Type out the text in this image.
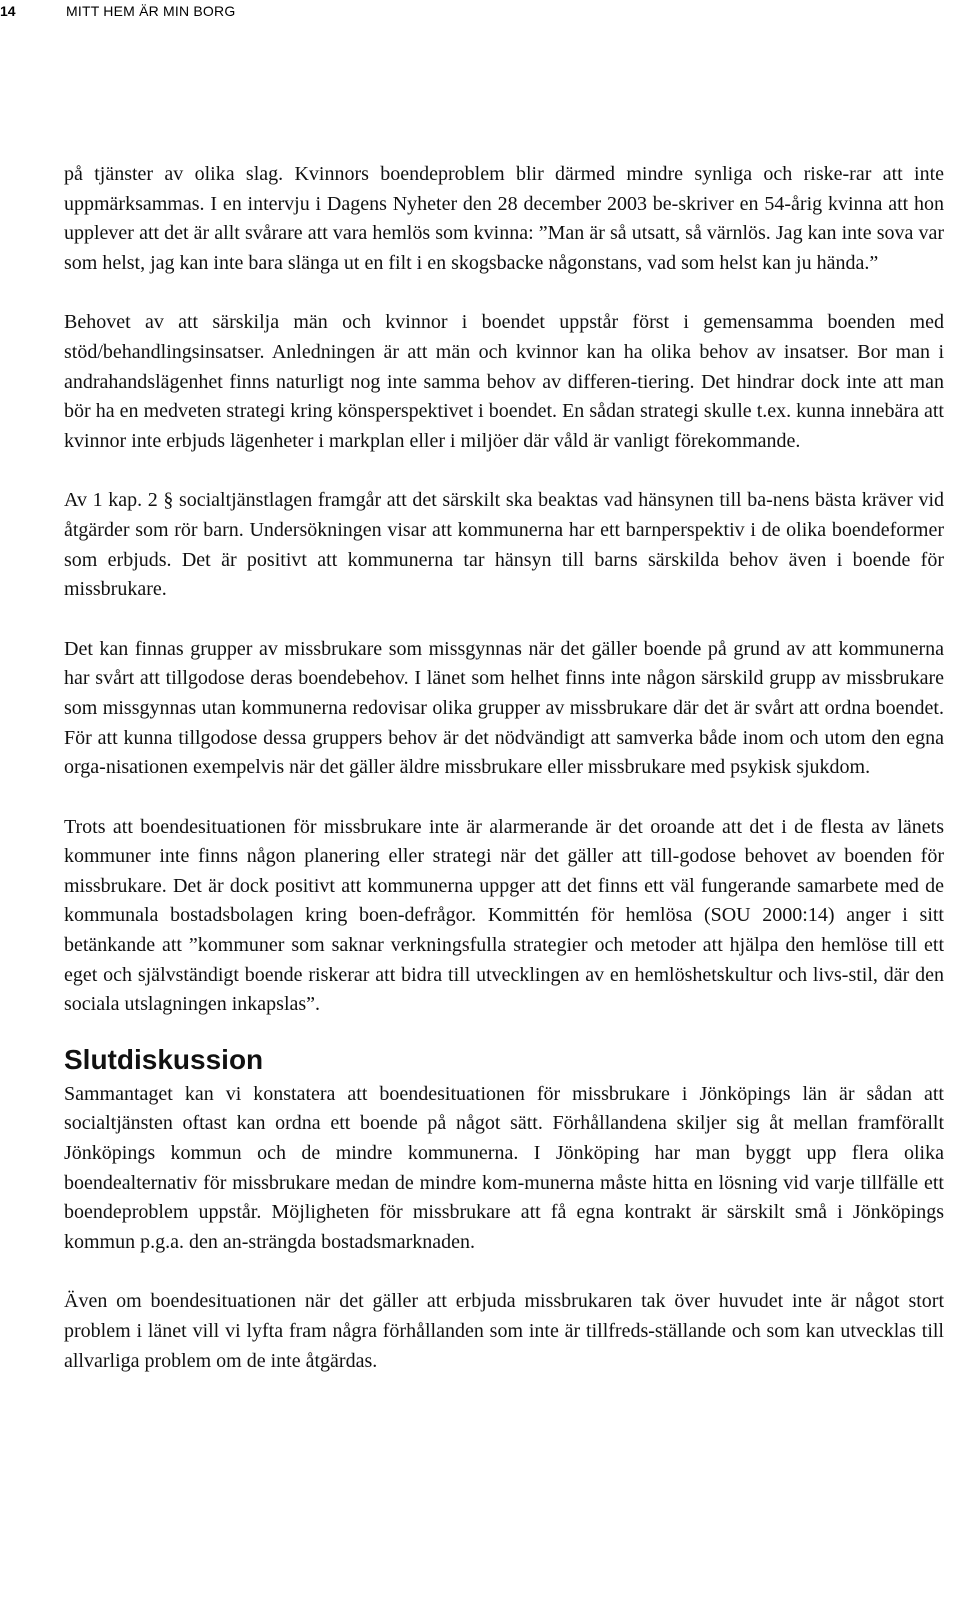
14	MITT HEM ÄR MIN BORG

på tjänster av olika slag. Kvinnors boendeproblem blir därmed mindre synliga och riske-rar att inte uppmärksammas. I en intervju i Dagens Nyheter den 28 december 2003 be-skriver en 54-årig kvinna att hon upplever att det är allt svårare att vara hemlös som kvinna: ”Man är så utsatt, så värnlös. Jag kan inte sova var som helst, jag kan inte bara slänga ut en filt i en skogsbacke någonstans, vad som helst kan ju hända.”

Behovet av att särskilja män och kvinnor i boendet uppstår först i gemensamma boenden med stöd/behandlingsinsatser. Anledningen är att män och kvinnor kan ha olika behov av insatser. Bor man i andrahandslägenhet finns naturligt nog inte samma behov av differen-tiering. Det hindrar dock inte att man bör ha en medveten strategi kring könsperspektivet i boendet. En sådan strategi skulle t.ex. kunna innebära att kvinnor inte erbjuds lägenheter i markplan eller i miljöer där våld är vanligt förekommande.

Av 1 kap. 2 § socialtjänstlagen framgår att det särskilt ska beaktas vad hänsynen till ba-nens bästa kräver vid åtgärder som rör barn. Undersökningen visar att kommunerna har ett barnperspektiv i de olika boendeformer som erbjuds. Det är positivt att kommunerna tar hänsyn till barns särskilda behov även i boende för missbrukare.

Det kan finnas grupper av missbrukare som missgynnas när det gäller boende på grund av att kommunerna har svårt att tillgodose deras boendebehov. I länet som helhet finns inte någon särskild grupp av missbrukare som missgynnas utan kommunerna redovisar olika grupper av missbrukare där det är svårt att ordna boendet. För att kunna tillgodose dessa gruppers behov är det nödvändigt att samverka både inom och utom den egna orga-nisationen exempelvis när det gäller äldre missbrukare eller missbrukare med psykisk sjukdom.

Trots att boendesituationen för missbrukare inte är alarmerande är det oroande att det i de flesta av länets kommuner inte finns någon planering eller strategi när det gäller att till-godose behovet av boenden för missbrukare. Det är dock positivt att kommunerna uppger att det finns ett väl fungerande samarbete med de kommunala bostadsbolagen kring boen-defrågor. Kommittén för hemlösa (SOU 2000:14) anger i sitt betänkande att ”kommuner som saknar verkningsfulla strategier och metoder att hjälpa den hemlöse till ett eget och självständigt boende riskerar att bidra till utvecklingen av en hemlöshetskultur och livs-stil, där den sociala utslagningen inkapslas”.

Slutdiskussion

Sammantaget kan vi konstatera att boendesituationen för missbrukare i Jönköpings län är sådan att socialtjänsten oftast kan ordna ett boende på något sätt. Förhållandena skiljer sig åt mellan framförallt Jönköpings kommun och de mindre kommunerna. I Jönköping har man byggt upp flera olika boendealternativ för missbrukare medan de mindre kom-munerna måste hitta en lösning vid varje tillfälle ett boendeproblem uppstår. Möjligheten för missbrukare att få egna kontrakt är särskilt små i Jönköpings kommun p.g.a. den an-strängda bostadsmarknaden.

Även om boendesituationen när det gäller att erbjuda missbrukaren tak över huvudet inte är något stort problem i länet vill vi lyfta fram några förhållanden som inte är tillfreds-ställande och som kan utvecklas till allvarliga problem om de inte åtgärdas.
